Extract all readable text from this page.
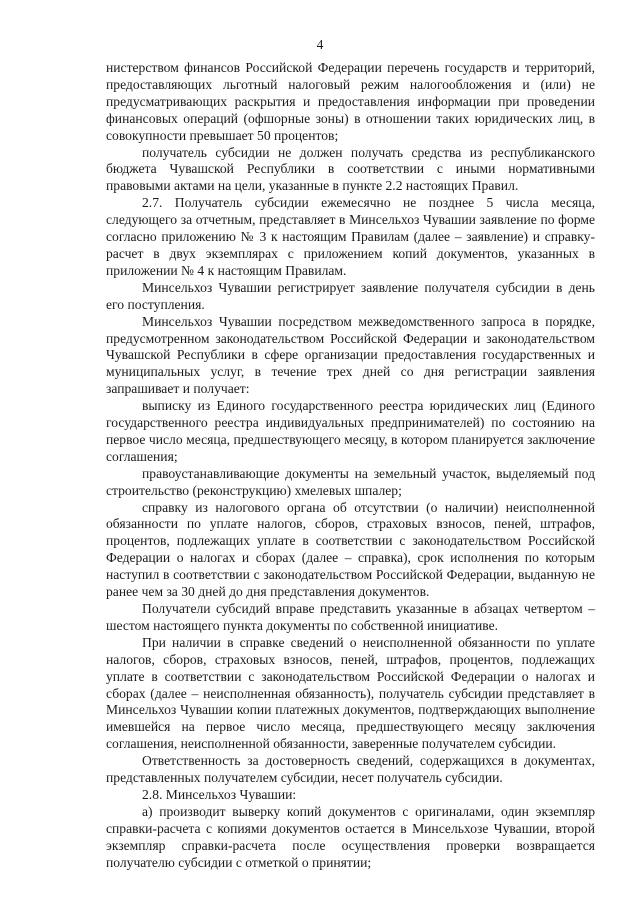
4

нистерством финансов Российской Федерации перечень государств и территорий, предоставляющих льготный налоговый режим налогообложения и (или) не предусматривающих раскрытия и предоставления информации при проведении финансовых операций (офшорные зоны) в отношении таких юридических лиц, в совокупности превышает 50 процентов;

получатель субсидии не должен получать средства из республиканского бюджета Чувашской Республики в соответствии с иными нормативными правовыми актами на цели, указанные в пункте 2.2 настоящих Правил.

2.7. Получатель субсидии ежемесячно не позднее 5 числа месяца, следующего за отчетным, представляет в Минсельхоз Чувашии заявление по форме согласно приложению № 3 к настоящим Правилам (далее – заявление) и справку-расчет в двух экземплярах с приложением копий документов, указанных в приложении № 4 к настоящим Правилам.

Минсельхоз Чувашии регистрирует заявление получателя субсидии в день его поступления.

Минсельхоз Чувашии посредством межведомственного запроса в порядке, предусмотренном законодательством Российской Федерации и законодательством Чувашской Республики в сфере организации предоставления государственных и муниципальных услуг, в течение трех дней со дня регистрации заявления запрашивает и получает:

выписку из Единого государственного реестра юридических лиц (Единого государственного реестра индивидуальных предпринимателей) по состоянию на первое число месяца, предшествующего месяцу, в котором планируется заключение соглашения;

правоустанавливающие документы на земельный участок, выделяемый под строительство (реконструкцию) хмелевых шпалер;

справку из налогового органа об отсутствии (о наличии) неисполненной обязанности по уплате налогов, сборов, страховых взносов, пеней, штрафов, процентов, подлежащих уплате в соответствии с законодательством Российской Федерации о налогах и сборах (далее – справка), срок исполнения по которым наступил в соответствии с законодательством Российской Федерации, выданную не ранее чем за 30 дней до дня представления документов.

Получатели субсидий вправе представить указанные в абзацах четвертом – шестом настоящего пункта документы по собственной инициативе.

При наличии в справке сведений о неисполненной обязанности по уплате налогов, сборов, страховых взносов, пеней, штрафов, процентов, подлежащих уплате в соответствии с законодательством Российской Федерации о налогах и сборах (далее – неисполненная обязанность), получатель субсидии представляет в Минсельхоз Чувашии копии платежных документов, подтверждающих выполнение имевшейся на первое число месяца, предшествующего месяцу заключения соглашения, неисполненной обязанности, заверенные получателем субсидии.

Ответственность за достоверность сведений, содержащихся в документах, представленных получателем субсидии, несет получатель субсидии.

2.8. Минсельхоз Чувашии:

а) производит выверку копий документов с оригиналами, один экземпляр справки-расчета с копиями документов остается в Минсельхозе Чувашии, второй экземпляр справки-расчета после осуществления проверки возвращается получателю субсидии с отметкой о принятии;
